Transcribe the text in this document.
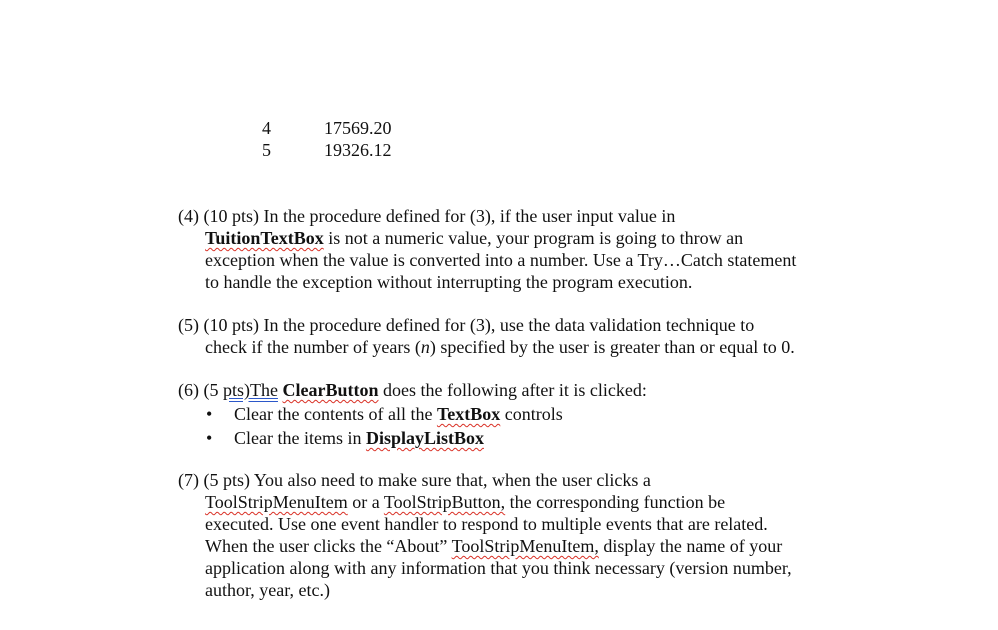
4	17569.20
5	19326.12

(4) (10 pts) In the procedure defined for (3), if the user input value in

TuitionTextBox is not a numeric value, your program is going to throw an

exception when the value is converted into a number. Use a Try…Catch statement

to handle the exception without interrupting the program execution.

(5) (10 pts) In the procedure defined for (3), use the data validation technique to

check if the number of years (n) specified by the user is greater than or equal to 0.

(6) (5 pts)The ClearButton does the following after it is clicked:

• Clear the contents of all the TextBox controls
• Clear the items in DisplayListBox

(7) (5 pts) You also need to make sure that, when the user clicks a

ToolStripMenuItem or a ToolStripButton, the corresponding function be

executed. Use one event handler to respond to multiple events that are related.

When the user clicks the “About” ToolStripMenuItem, display the name of your

application along with any information that you think necessary (version number,

author, year, etc.)
